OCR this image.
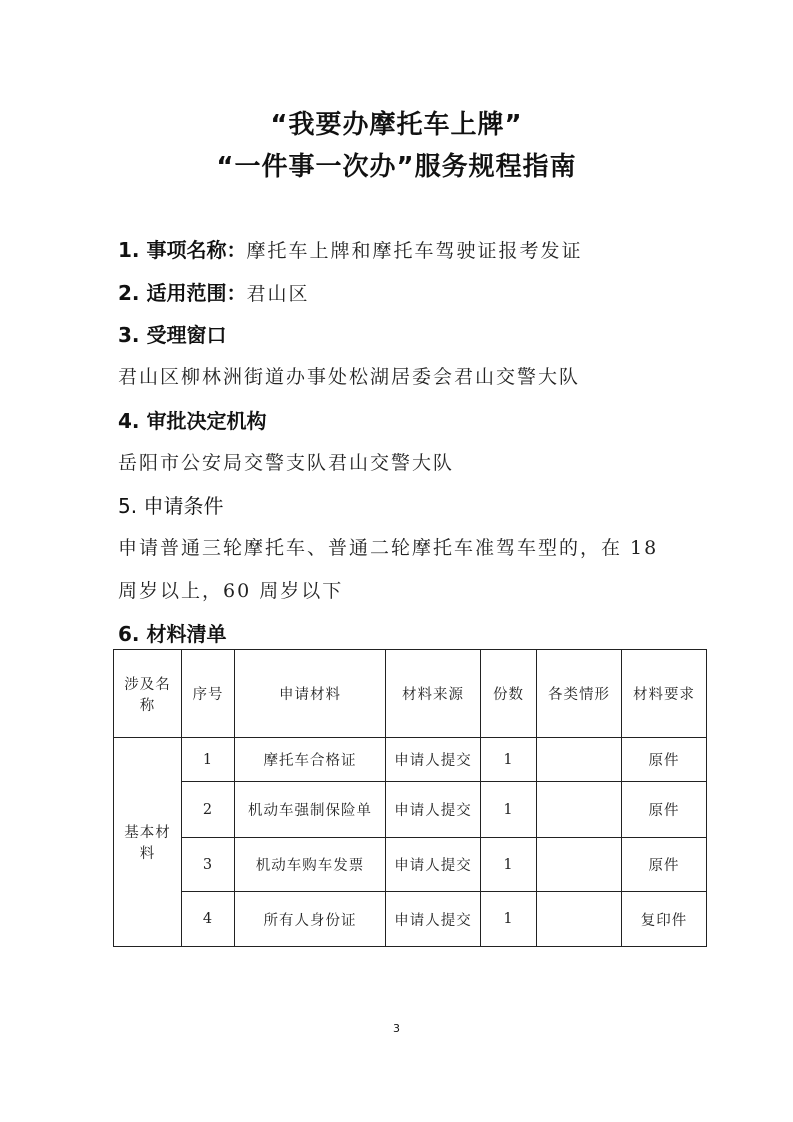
“我要办摩托车上牌”
“一件事一次办”服务规程指南
1. 事项名称：摩托车上牌和摩托车驾驶证报考发证
2. 适用范围：君山区
3. 受理窗口
君山区柳林洲街道办事处松湖居委会君山交警大队
4. 审批决定机构
岳阳市公安局交警支队君山交警大队
5. 申请条件
申请普通三轮摩托车、普通二轮摩托车准驾车型的，在 18
周岁以上，60 周岁以下
6. 材料清单
涉及名称	序号	申请材料	材料来源	份数	各类情形	材料要求
基本材料	1	摩托车合格证	申请人提交	1		原件
	2	机动车强制保险单	申请人提交	1		原件
	3	机动车购车发票	申请人提交	1		原件
	4	所有人身份证	申请人提交	1		复印件
3
